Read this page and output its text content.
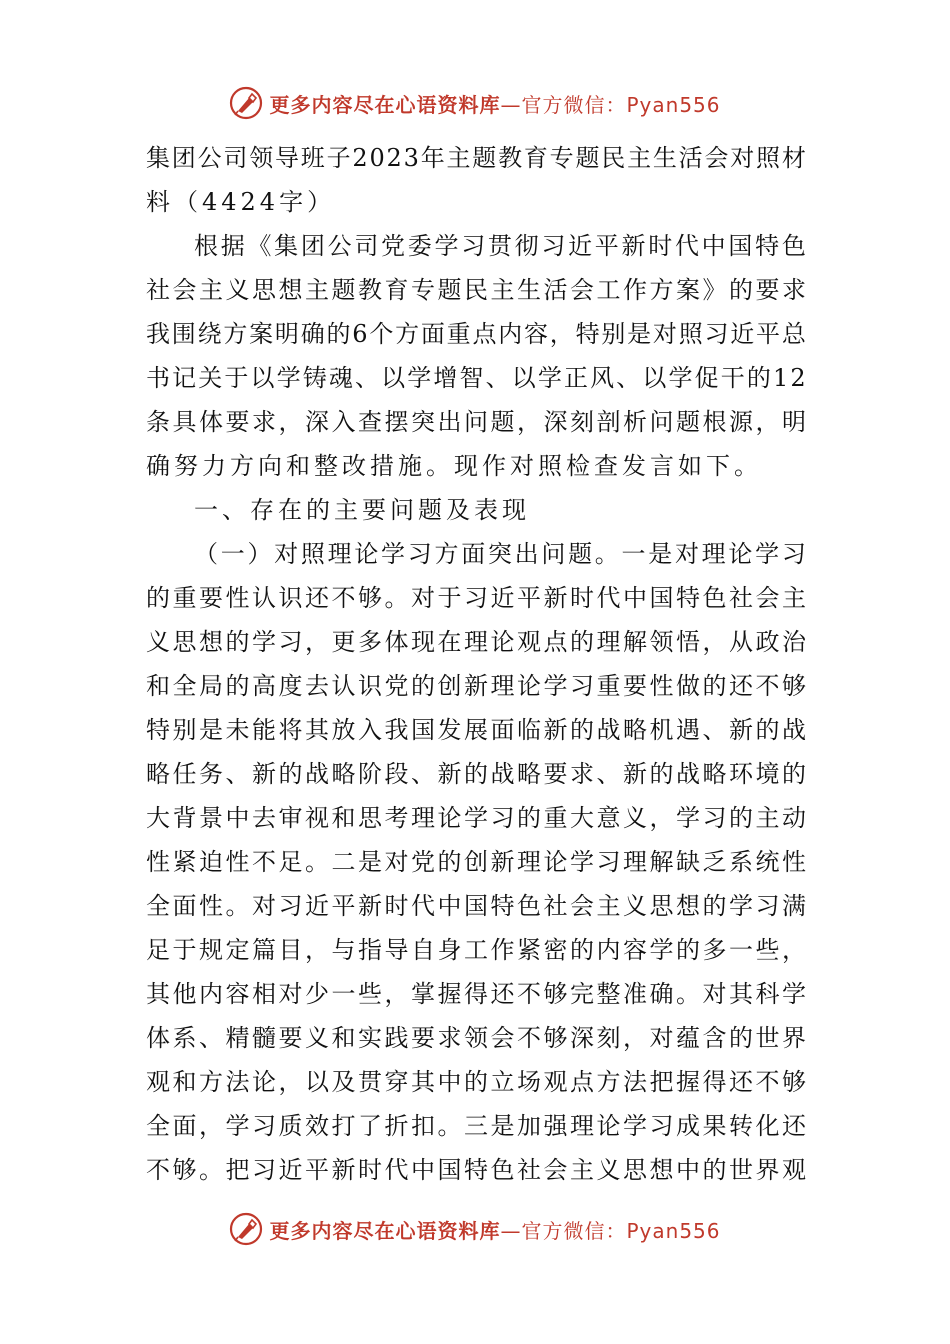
更多内容尽在心语资料库—官方微信：Pyan556
集 团 公 司 领 导 班 子 2 0 2 3 年 主 题 教 育 专 题 民 主 生 活 会 对 照 材
料（4424字）
根 据 《 集 团 公 司 党 委 学 习 贯 彻 习 近 平 新 时 代 中 国 特 色
社 会 主 义 思 想 主 题 教 育 专 题 民 主 生 活 会 工 作 方 案 》 的 要 求
我 围 绕 方 案 明 确 的 6 个 方 面 重 点 内 容 ， 特 别 是 对 照 习 近 平 总
书 记 关 于 以 学 铸 魂 、 以 学 增 智 、 以 学 正 风 、 以 学 促 干 的 1 2
条 具 体 要 求 ， 深 入 查 摆 突 出 问 题 ， 深 刻 剖 析 问 题 根 源 ， 明
确努力方向和整改措施。现作对照检查发言如下。
一、存在的主要问题及表现
（ 一 ） 对 照 理 论 学 习 方 面 突 出 问 题 。 一 是 对 理 论 学 习
的 重 要 性 认 识 还 不 够 。 对 于 习 近 平 新 时 代 中 国 特 色 社 会 主
义 思 想 的 学 习 ， 更 多 体 现 在 理 论 观 点 的 理 解 领 悟 ， 从 政 治
和 全 局 的 高 度 去 认 识 党 的 创 新 理 论 学 习 重 要 性 做 的 还 不 够
特 别 是 未 能 将 其 放 入 我 国 发 展 面 临 新 的 战 略 机 遇 、 新 的 战
略 任 务 、 新 的 战 略 阶 段 、 新 的 战 略 要 求 、 新 的 战 略 环 境 的
大 背 景 中 去 审 视 和 思 考 理 论 学 习 的 重 大 意 义 ， 学 习 的 主 动
性 紧 迫 性 不 足 。 二 是 对 党 的 创 新 理 论 学 习 理 解 缺 乏 系 统 性
全 面 性 。 对 习 近 平 新 时 代 中 国 特 色 社 会 主 义 思 想 的 学 习 满
足 于 规 定 篇 目 ， 与 指 导 自 身 工 作 紧 密 的 内 容 学 的 多 一 些 ，
其 他 内 容 相 对 少 一 些 ， 掌 握 得 还 不 够 完 整 准 确 。 对 其 科 学
体 系 、 精 髓 要 义 和 实 践 要 求 领 会 不 够 深 刻 ， 对 蕴 含 的 世 界
观 和 方 法 论 ， 以 及 贯 穿 其 中 的 立 场 观 点 方 法 把 握 得 还 不 够
全 面 ， 学 习 质 效 打 了 折 扣 。 三 是 加 强 理 论 学 习 成 果 转 化 还
不 够 。 把 习 近 平 新 时 代 中 国 特 色 社 会 主 义 思 想 中 的 世 界 观
更多内容尽在心语资料库—官方微信：Pyan556
